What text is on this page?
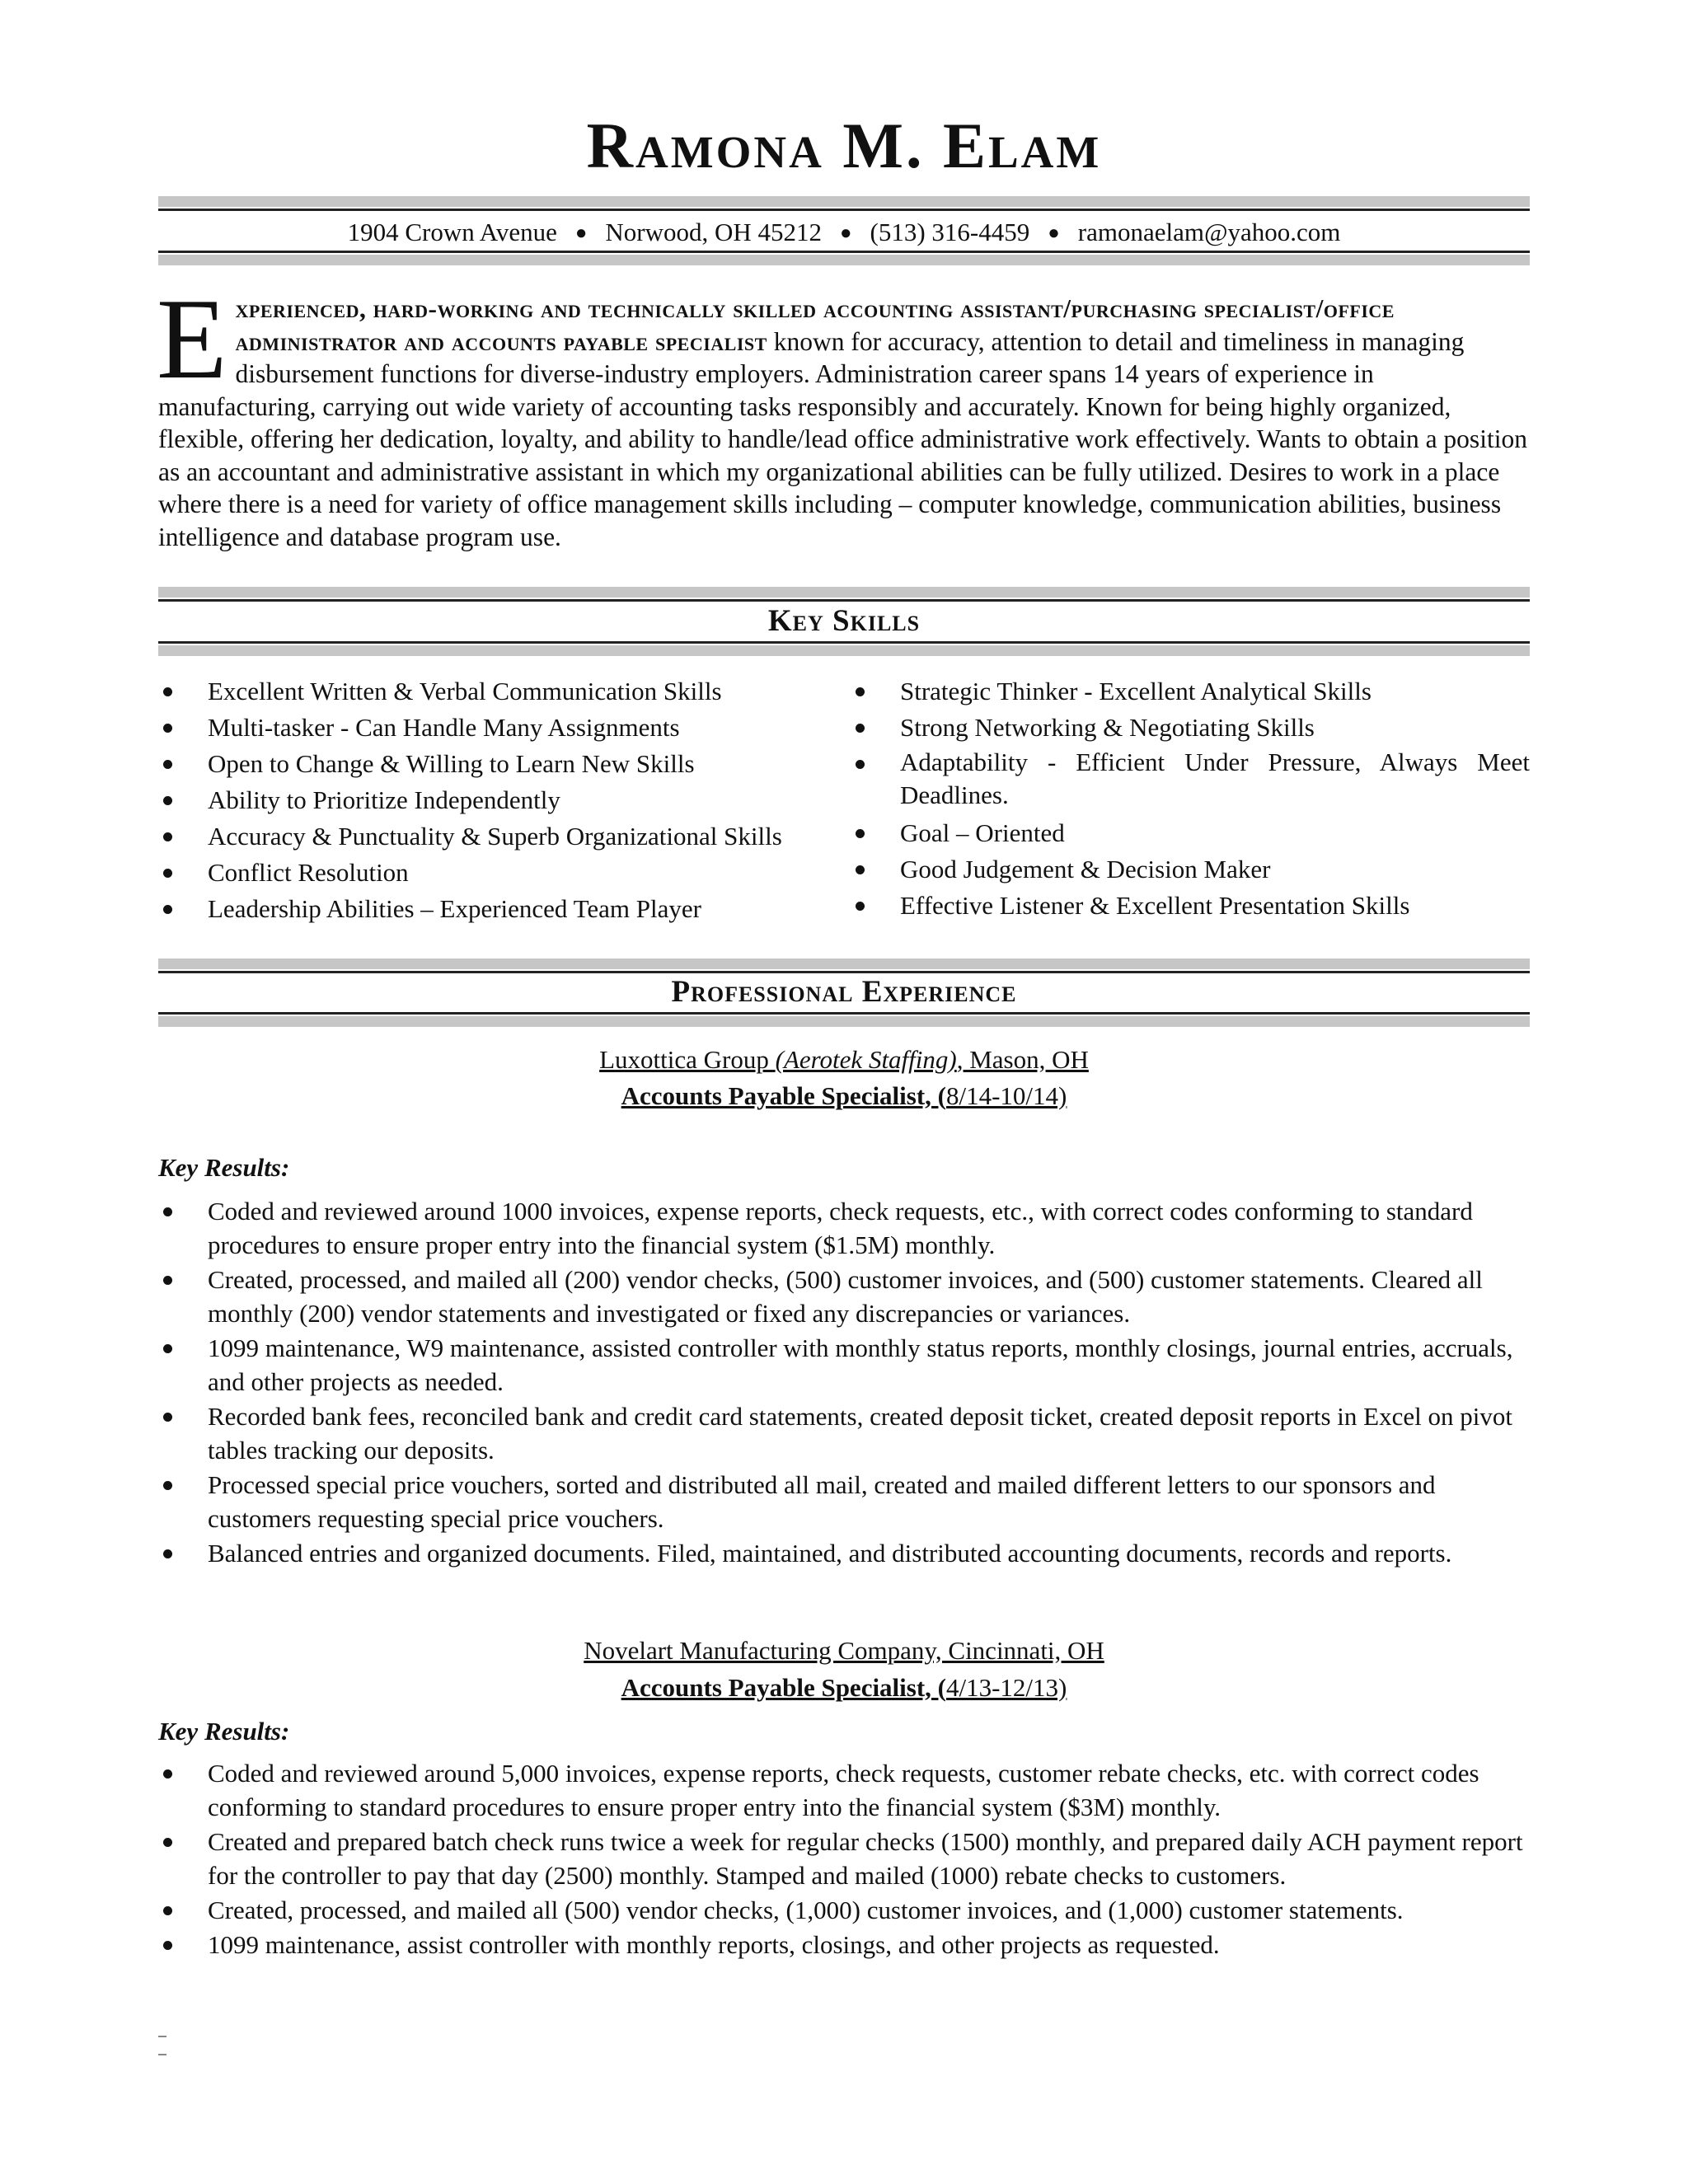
Ramona M. Elam
1904 Crown Avenue ● Norwood, OH 45212 ● (513) 316-4459 ● ramonaelam@yahoo.com
Experienced, hard-working and technically skilled accounting assistant/purchasing specialist/office administrator and accounts payable specialist known for accuracy, attention to detail and timeliness in managing disbursement functions for diverse-industry employers. Administration career spans 14 years of experience in manufacturing, carrying out wide variety of accounting tasks responsibly and accurately. Known for being highly organized, flexible, offering her dedication, loyalty, and ability to handle/lead office administrative work effectively. Wants to obtain a position as an accountant and administrative assistant in which my organizational abilities can be fully utilized. Desires to work in a place where there is a need for variety of office management skills including – computer knowledge, communication abilities, business intelligence and database program use.
Key Skills
Excellent Written & Verbal Communication Skills
Multi-tasker - Can Handle Many Assignments
Open to Change & Willing to Learn New Skills
Ability to Prioritize Independently
Accuracy & Punctuality & Superb Organizational Skills
Conflict Resolution
Leadership Abilities – Experienced Team Player
Strategic Thinker - Excellent Analytical Skills
Strong Networking & Negotiating Skills
Adaptability - Efficient Under Pressure, Always Meet Deadlines.
Goal – Oriented
Good Judgement & Decision Maker
Effective Listener & Excellent Presentation Skills
Professional Experience
Luxottica Group (Aerotek Staffing), Mason, OH
Accounts Payable Specialist, (8/14-10/14)
Key Results:
Coded and reviewed around 1000 invoices, expense reports, check requests, etc., with correct codes conforming to standard procedures to ensure proper entry into the financial system ($1.5M) monthly.
Created, processed, and mailed all (200) vendor checks, (500) customer invoices, and (500) customer statements. Cleared all monthly (200) vendor statements and investigated or fixed any discrepancies or variances.
1099 maintenance, W9 maintenance, assisted controller with monthly status reports, monthly closings, journal entries, accruals, and other projects as needed.
Recorded bank fees, reconciled bank and credit card statements, created deposit ticket, created deposit reports in Excel on pivot tables tracking our deposits.
Processed special price vouchers, sorted and distributed all mail, created and mailed different letters to our sponsors and customers requesting special price vouchers.
Balanced entries and organized documents. Filed, maintained, and distributed accounting documents, records and reports.
Novelart Manufacturing Company, Cincinnati, OH
Accounts Payable Specialist, (4/13-12/13)
Key Results:
Coded and reviewed around 5,000 invoices, expense reports, check requests, customer rebate checks, etc. with correct codes conforming to standard procedures to ensure proper entry into the financial system ($3M) monthly.
Created and prepared batch check runs twice a week for regular checks (1500) monthly, and prepared daily ACH payment report for the controller to pay that day (2500) monthly. Stamped and mailed (1000) rebate checks to customers.
Created, processed, and mailed all (500) vendor checks, (1,000) customer invoices, and (1,000) customer statements.
1099 maintenance, assist controller with monthly reports, closings, and other projects as requested.
